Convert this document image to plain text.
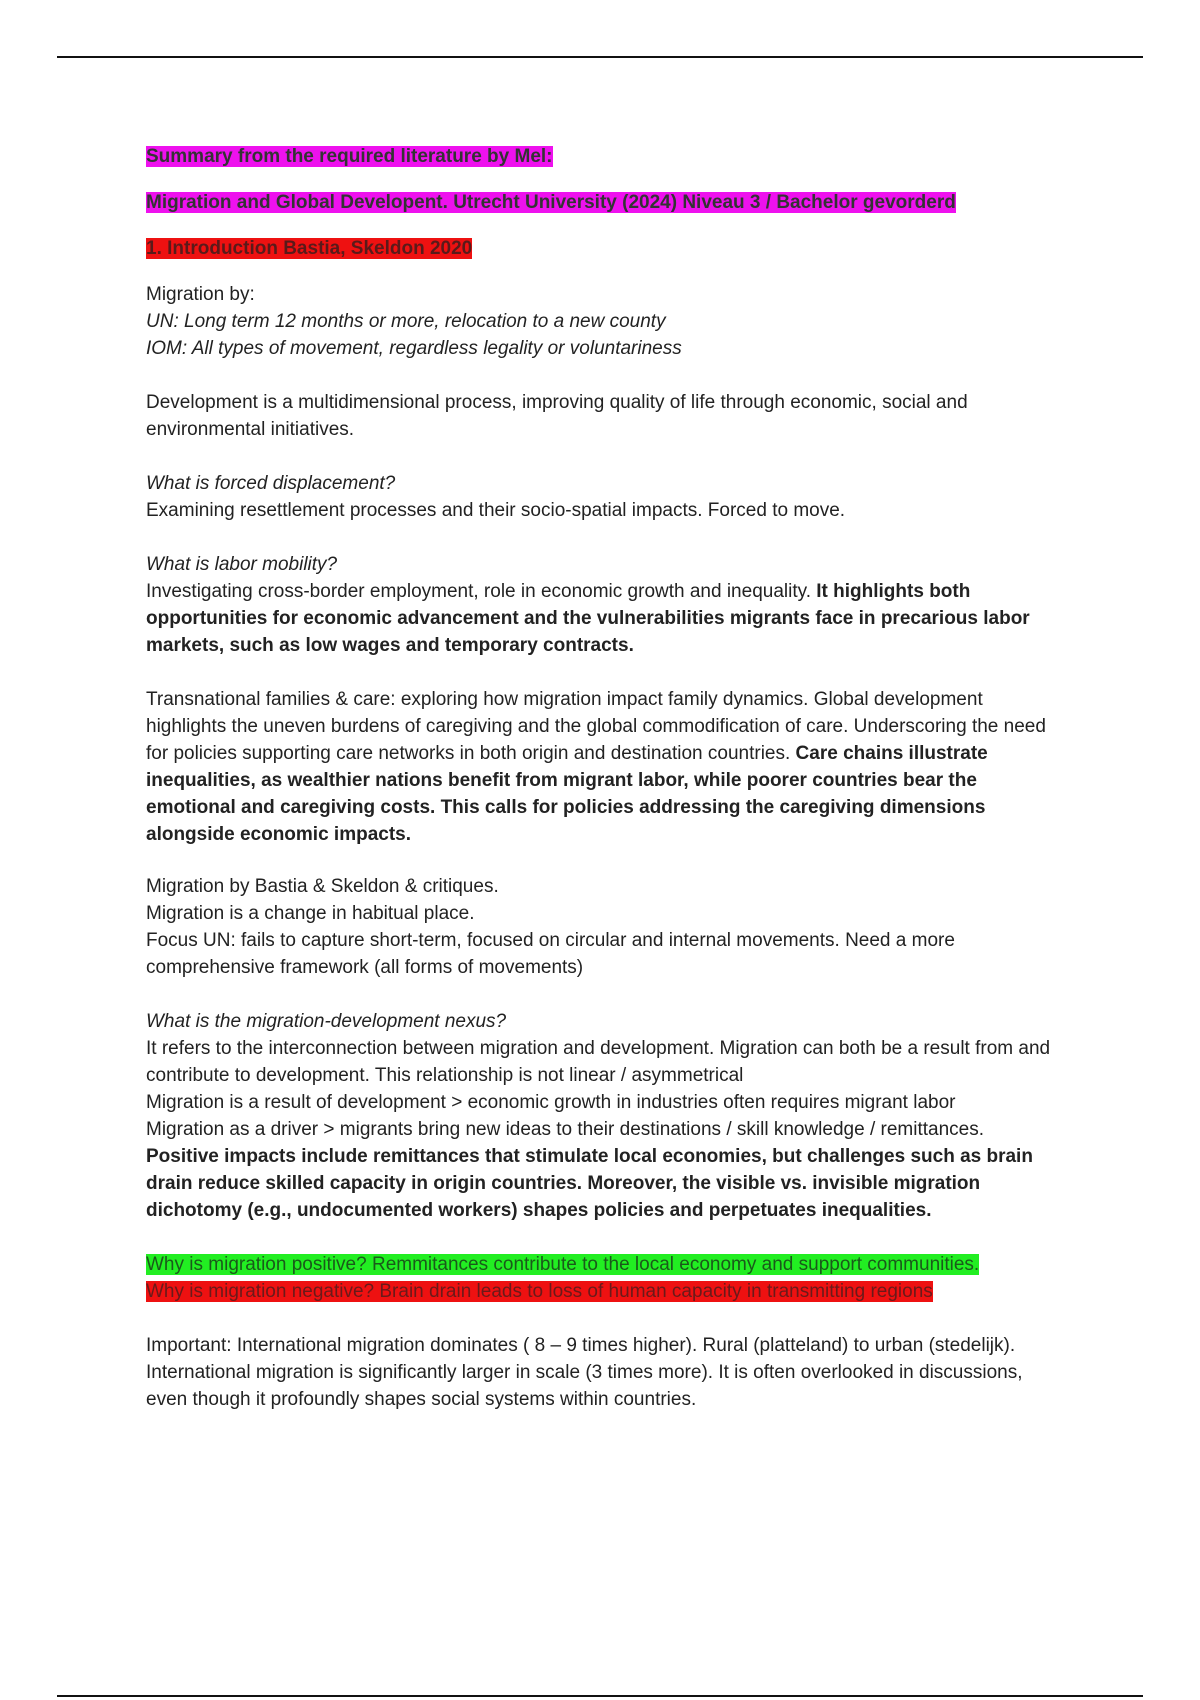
Summary from the required literature by Mel:

Migration and Global Developent. Utrecht University (2024) Niveau 3 / Bachelor gevorderd

1. Introduction Bastia, Skeldon 2020

Migration by:

UN: Long term 12 months or more, relocation to a new county

IOM: All types of movement, regardless legality or voluntariness

Development is a multidimensional process, improving quality of life through economic, social and environmental initiatives.

What is forced displacement?

Examining resettlement processes and their socio-spatial impacts. Forced to move.

What is labor mobility?

Investigating cross-border employment, role in economic growth and inequality. It highlights both opportunities for economic advancement and the vulnerabilities migrants face in precarious labor markets, such as low wages and temporary contracts.

Transnational families & care: exploring how migration impact family dynamics. Global development highlights the uneven burdens of caregiving and the global commodification of care. Underscoring the need for policies supporting care networks in both origin and destination countries. Care chains illustrate inequalities, as wealthier nations benefit from migrant labor, while poorer countries bear the emotional and caregiving costs. This calls for policies addressing the caregiving dimensions alongside economic impacts.

Migration by Bastia & Skeldon & critiques.

Migration is a change in habitual place.

Focus UN: fails to capture short-term, focused on circular and internal movements. Need a more comprehensive framework (all forms of movements)

What is the migration-development nexus?

It refers to the interconnection between migration and development. Migration can both be a result from and contribute to development. This relationship is not linear / asymmetrical

Migration is a result of development > economic growth in industries often requires migrant labor

Migration as a driver > migrants bring new ideas to their destinations / skill knowledge / remittances.

Positive impacts include remittances that stimulate local economies, but challenges such as brain drain reduce skilled capacity in origin countries. Moreover, the visible vs. invisible migration dichotomy (e.g., undocumented workers) shapes policies and perpetuates inequalities.

Why is migration positive? Remmitances contribute to the local economy and support communities.

Why is migration negative? Brain drain leads to loss of human capacity in transmitting regions

Important: International migration dominates ( 8 – 9 times higher). Rural (platteland) to urban (stedelijk). International migration is significantly larger in scale (3 times more). It is often overlooked in discussions, even though it profoundly shapes social systems within countries.
